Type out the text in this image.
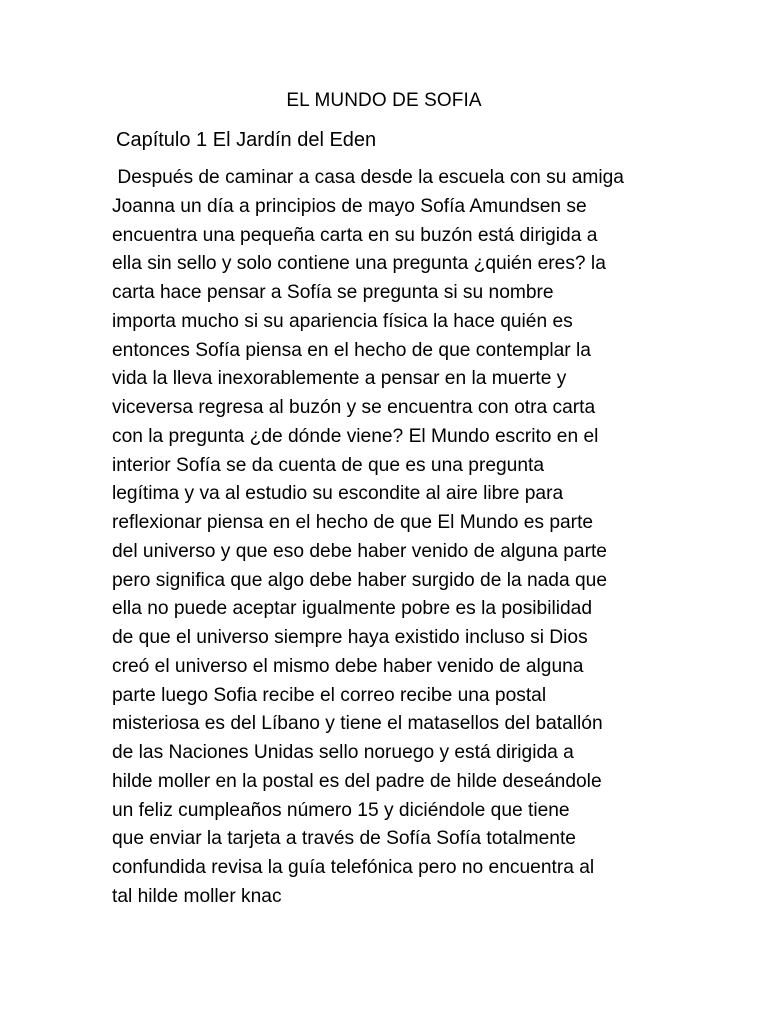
EL MUNDO DE SOFIA
Capítulo 1 El Jardín del Eden
Después de caminar a casa desde la escuela con su amiga
Joanna un día a principios de mayo Sofía Amundsen se
encuentra una pequeña carta en su buzón está dirigida a
ella sin sello y solo contiene una pregunta ¿quién eres? la
carta hace pensar a Sofía se pregunta si su nombre
importa mucho si su apariencia física la hace quién es
entonces Sofía piensa en el hecho de que contemplar la
vida la lleva inexorablemente a pensar en la muerte y
viceversa regresa al buzón y se encuentra con otra carta
con la pregunta ¿de dónde viene? El Mundo escrito en el
interior Sofía se da cuenta de que es una pregunta
legítima y va al estudio su escondite al aire libre para
reflexionar piensa en el hecho de que El Mundo es parte
del universo y que eso debe haber venido de alguna parte
pero significa que algo debe haber surgido de la nada que
ella no puede aceptar igualmente pobre es la posibilidad
de que el universo siempre haya existido incluso si Dios
creó el universo el mismo debe haber venido de alguna
parte luego Sofia recibe el correo recibe una postal
misteriosa es del Líbano y tiene el matasellos del batallón
de las Naciones Unidas sello noruego y está dirigida a
hilde moller en la postal es del padre de hilde deseándole
un feliz cumpleaños número 15 y diciéndole que tiene
que enviar la tarjeta a través de Sofía Sofía totalmente
confundida revisa la guía telefónica pero no encuentra al
tal hilde moller knac
